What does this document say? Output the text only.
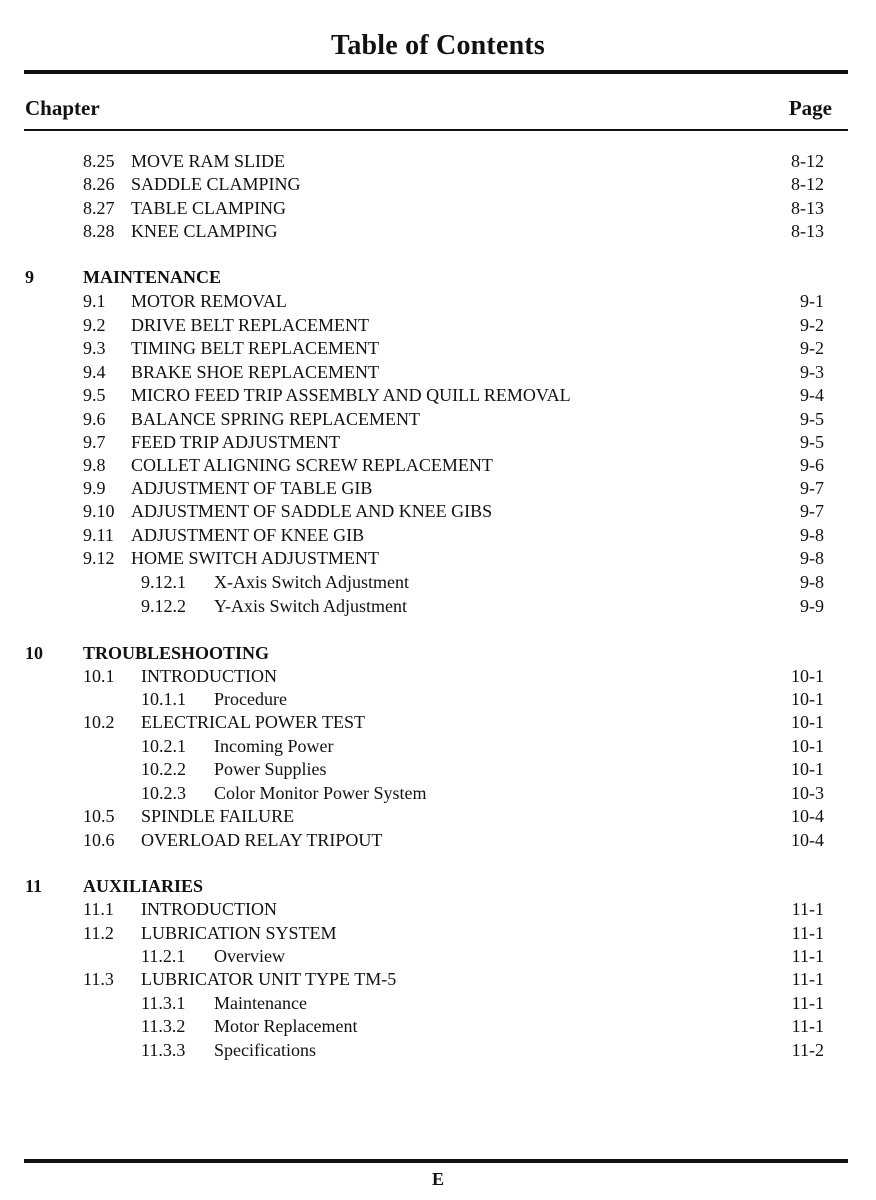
Table of Contents
Chapter	Page
8.25 MOVE RAM SLIDE	8-12
8.26 SADDLE CLAMPING	8-12
8.27 TABLE CLAMPING	8-13
8.28 KNEE CLAMPING	8-13
9	MAINTENANCE
9.1 MOTOR REMOVAL	9-1
9.2 DRIVE BELT REPLACEMENT	9-2
9.3 TIMING BELT REPLACEMENT	9-2
9.4 BRAKE SHOE REPLACEMENT	9-3
9.5 MICRO FEED TRIP ASSEMBLY AND QUILL REMOVAL	9-4
9.6 BALANCE SPRING REPLACEMENT	9-5
9.7 FEED TRIP ADJUSTMENT	9-5
9.8 COLLET ALIGNING SCREW REPLACEMENT	9-6
9.9 ADJUSTMENT OF TABLE GIB	9-7
9.10 ADJUSTMENT OF SADDLE AND KNEE GIBS	9-7
9.11 ADJUSTMENT OF KNEE GIB	9-8
9.12 HOME SWITCH ADJUSTMENT	9-8
9.12.1 X-Axis Switch Adjustment	9-8
9.12.2 Y-Axis Switch Adjustment	9-9
10 TROUBLESHOOTING
10.1 INTRODUCTION	10-1
10.1.1 Procedure	10-1
10.2 ELECTRICAL POWER TEST	10-1
10.2.1 Incoming Power	10-1
10.2.2 Power Supplies	10-1
10.2.3 Color Monitor Power System	10-3
10.5 SPINDLE FAILURE	10-4
10.6 OVERLOAD RELAY TRIPOUT	10-4
11 AUXILIARIES
11.1 INTRODUCTION	11-1
11.2 LUBRICATION SYSTEM	11-1
11.2.1 Overview	11-1
11.3 LUBRICATOR UNIT TYPE TM-5	11-1
11.3.1 Maintenance	11-1
11.3.2 Motor Replacement	11-1
11.3.3 Specifications	11-2
E
